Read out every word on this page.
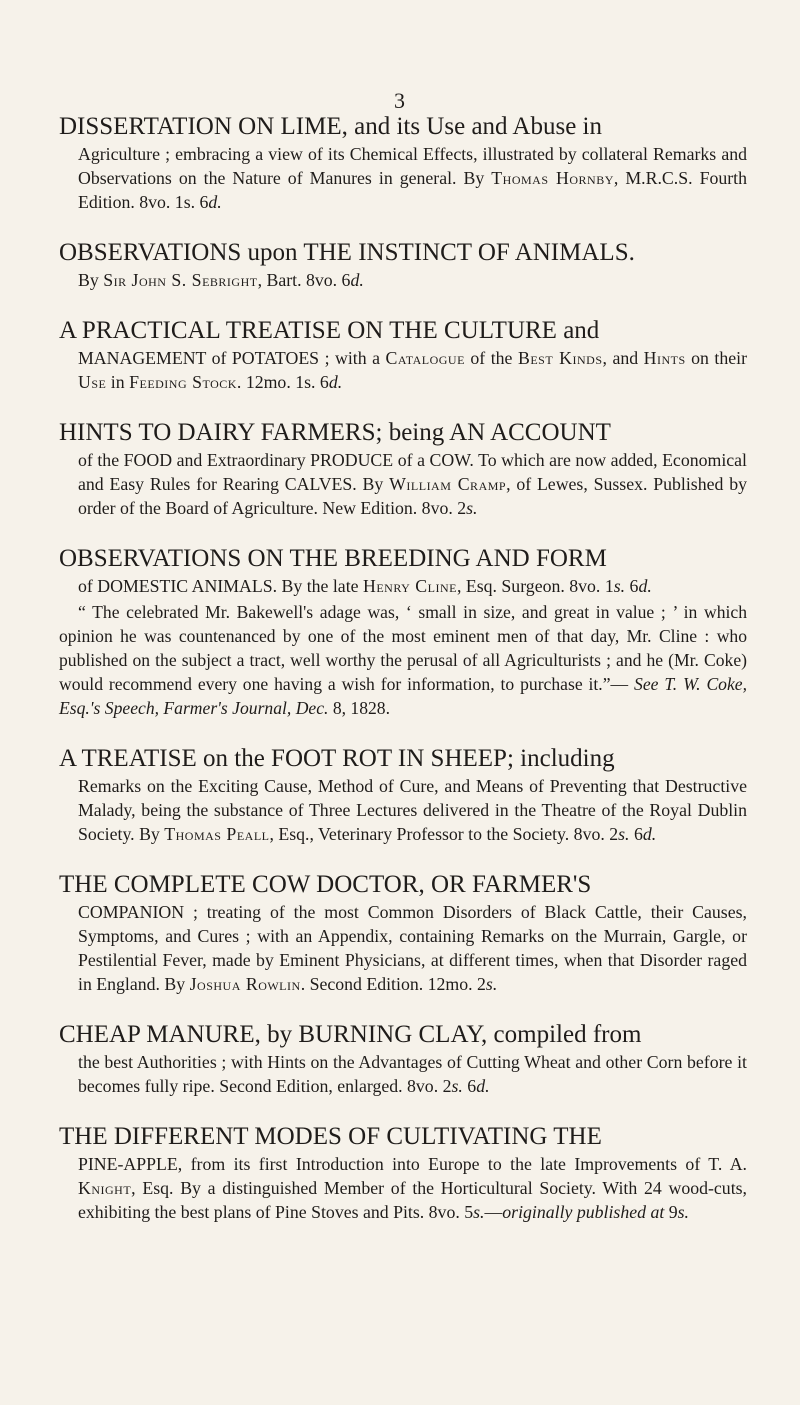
3
DISSERTATION ON LIME, and its Use and Abuse in
Agriculture ; embracing a view of its Chemical Effects, illustrated by collateral Remarks and Observations on the Nature of Manures in general. By Thomas Hornby, M.R.C.S. Fourth Edition. 8vo. 1s. 6d.
OBSERVATIONS upon THE INSTINCT OF ANIMALS.
By Sir John S. Sebright, Bart. 8vo. 6d.
A PRACTICAL TREATISE ON THE CULTURE and
MANAGEMENT of POTATOES ; with a Catalogue of the Best Kinds, and Hints on their Use in Feeding Stock. 12mo. 1s. 6d.
HINTS TO DAIRY FARMERS; being AN ACCOUNT
of the FOOD and Extraordinary PRODUCE of a COW. To which are now added, Economical and Easy Rules for Rearing CALVES. By William Cramp, of Lewes, Sussex. Published by order of the Board of Agriculture. New Edition. 8vo. 2s.
OBSERVATIONS ON THE BREEDING AND FORM
of DOMESTIC ANIMALS. By the late Henry Cline, Esq. Surgeon. 8vo. 1s. 6d.
“ The celebrated Mr. Bakewell's adage was, ‘ small in size, and great in value ; ’ in which opinion he was countenanced by one of the most eminent men of that day, Mr. Cline : who published on the subject a tract, well worthy the perusal of all Agriculturists ; and he (Mr. Coke) would recommend every one having a wish for information, to purchase it.”— See T. W. Coke, Esq.'s Speech, Farmer's Journal, Dec. 8, 1828.
A TREATISE on the FOOT ROT IN SHEEP; including
Remarks on the Exciting Cause, Method of Cure, and Means of Preventing that Destructive Malady, being the substance of Three Lectures delivered in the Theatre of the Royal Dublin Society. By Thomas Peall, Esq., Veterinary Professor to the Society. 8vo. 2s. 6d.
THE COMPLETE COW DOCTOR, OR FARMER'S
COMPANION ; treating of the most Common Disorders of Black Cattle, their Causes, Symptoms, and Cures ; with an Appendix, containing Remarks on the Murrain, Gargle, or Pestilential Fever, made by Eminent Physicians, at different times, when that Disorder raged in England. By Joshua Rowlin. Second Edition. 12mo. 2s.
CHEAP MANURE, by BURNING CLAY, compiled from
the best Authorities ; with Hints on the Advantages of Cutting Wheat and other Corn before it becomes fully ripe. Second Edition, enlarged. 8vo. 2s. 6d.
THE DIFFERENT MODES OF CULTIVATING THE
PINE-APPLE, from its first Introduction into Europe to the late Improvements of T. A. Knight, Esq. By a distinguished Member of the Horticultural Society. With 24 wood-cuts, exhibiting the best plans of Pine Stoves and Pits. 8vo. 5s.—originally published at 9s.
